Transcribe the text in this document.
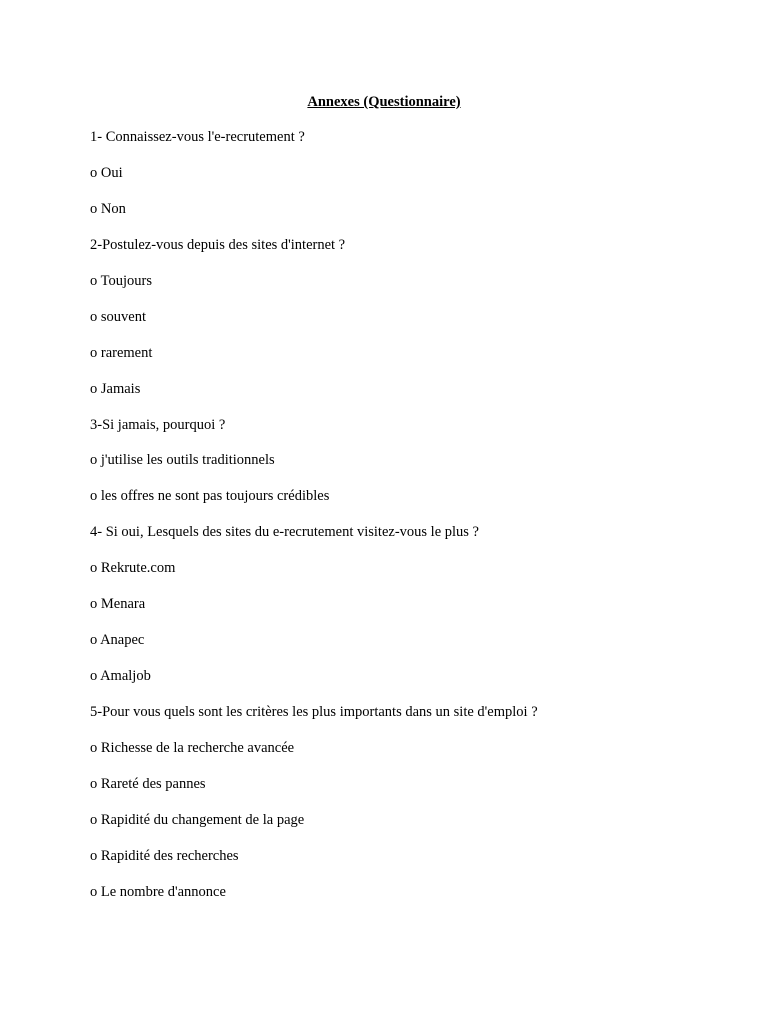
Annexes (Questionnaire)
1- Connaissez-vous l'e-recrutement ?
o Oui
o Non
2-Postulez-vous depuis des sites d'internet ?
o Toujours
o souvent
o rarement
o Jamais
3-Si jamais, pourquoi ?
o j'utilise les outils traditionnels
o les offres ne sont pas toujours crédibles
4- Si oui, Lesquels des sites du e-recrutement visitez-vous le plus ?
o Rekrute.com
o Menara
o Anapec
o Amaljob
5-Pour vous quels sont les critères les plus importants dans un site d'emploi ?
o Richesse de la recherche avancée
o Rareté des pannes
o Rapidité du changement de la page
o Rapidité des recherches
o Le nombre d'annonce
